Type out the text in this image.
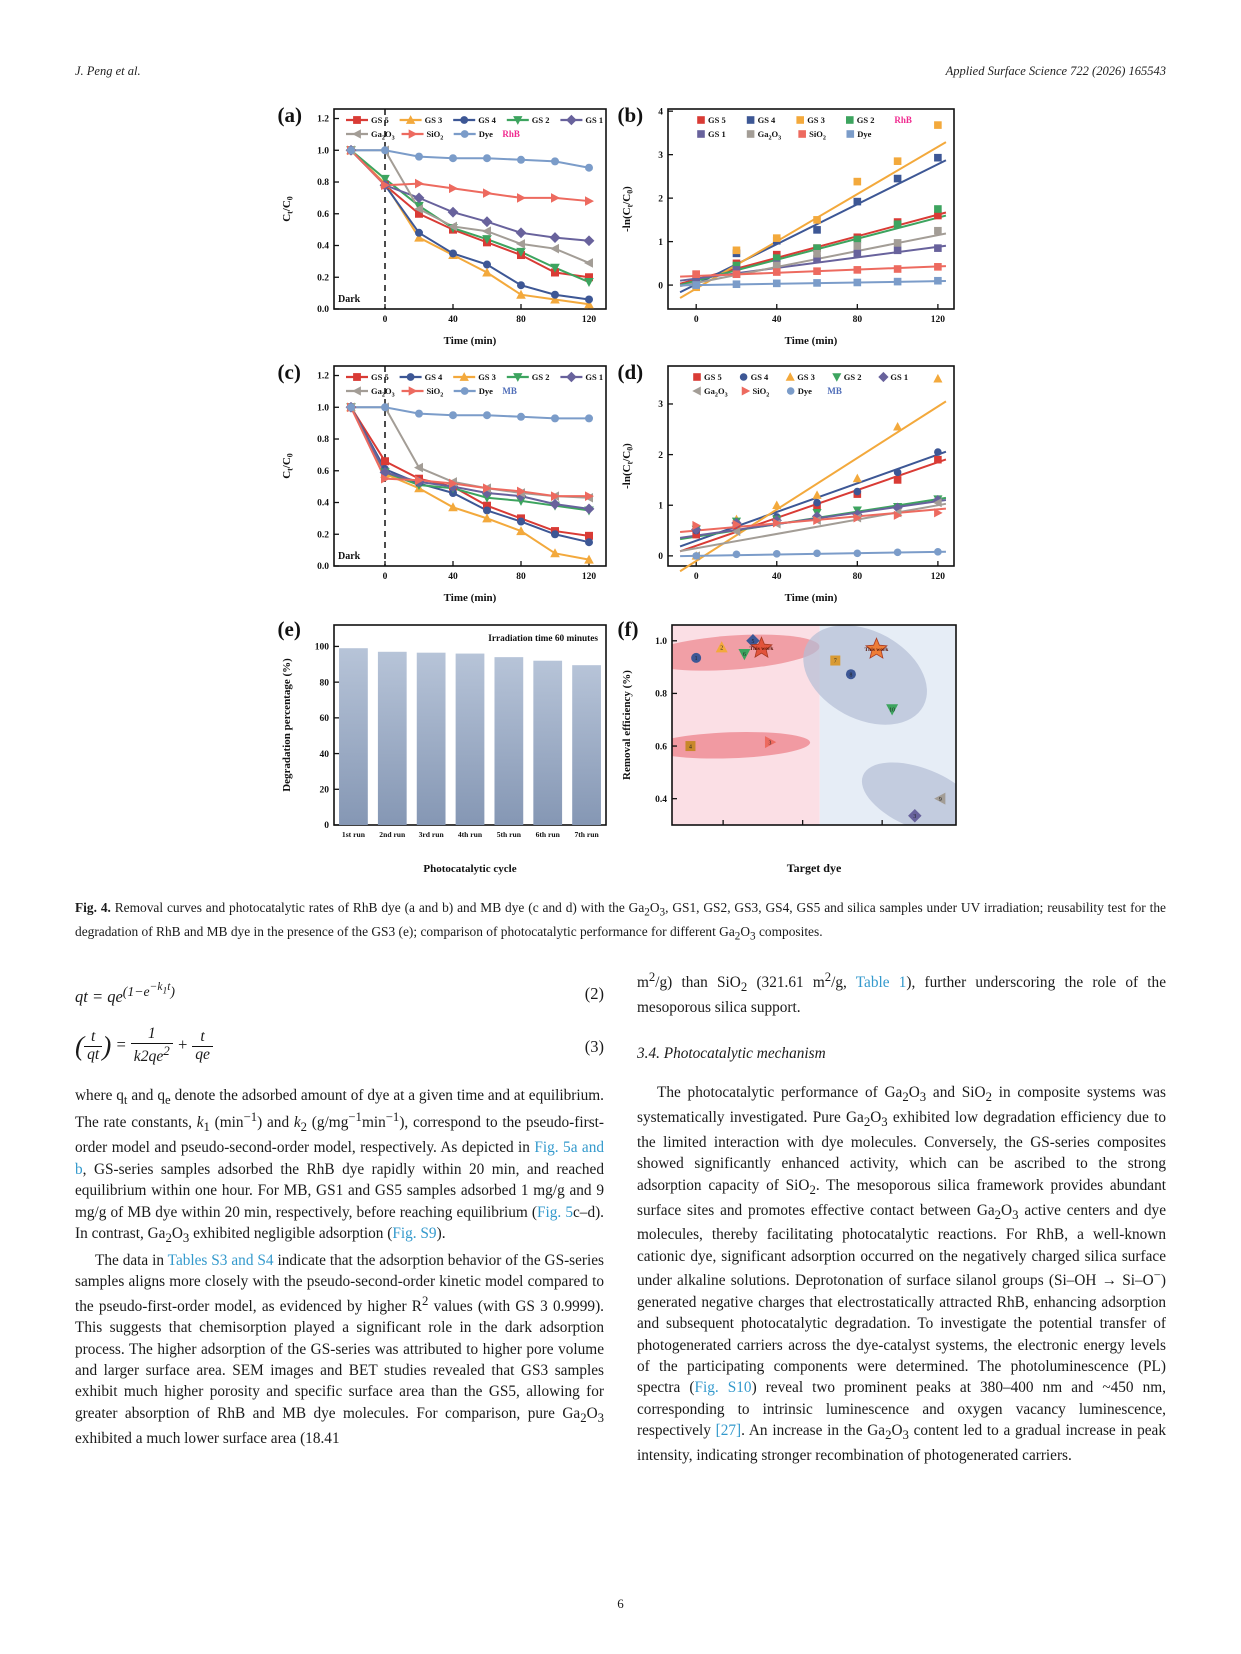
J. Peng et al.	Applied Surface Science 722 (2026) 165543
(a)
0.0
0.2
0.4
0.6
0.8
1.0
1.2
0	40	80	120
Dark
GS 5	GS 3	GS 4	GS 2	GS 1
$Ga_2O_3$	SiO$_2$	Dye RhB
Time (min)
$C_t/C_0$
(b)
0
1
2
3
4
0	40	80	120
GS 5	GS 4	GS 3	GS 2 RhB
GS 1	$Ga_2O_3$	SiO$_2$	Dye
Time (min)
$-\ln(C_t/C_0)$
(c)
0.0
0.2
0.4
0.6
0.8
1.0
1.2
0	40	80	120
Dark
GS 5	GS 4	GS 3	GS 2	GS 1
$Ga_2O_3$	SiO$_2$	Dye MB
Time (min)
$C_t/C_0$
(d)
0
1
2
3
0	40	80	120
GS 5	GS 4	GS 3	GS 2	GS 1
$Ga_2O_3$	SiO$_2$	Dye MB
Time (min)
$-\ln(C_t/C_0)$
(e)
0
20
40
60
80
100
1st run 2nd run 3rd run 4th run 5th run 6th run 7th run
Irradiation time 60 minutes
Photocatalytic cycle
Degradation percentage (%)
(f)
0.4
0.6
0.8
1.0
1
2
6
5
This work
4
3
7
8
This work
10
9
3
Target dye
Removal efficiency (%)
Fig. 4. Removal curves and photocatalytic rates of RhB dye (a and b) and MB dye (c and d) with the $Ga_2O_3$, GS1, GS2, GS3, GS4, GS5 and silica samples under UV irradiation; reusability test for the degradation of RhB and MB dye in the presence of the GS3 (e); comparison of photocatalytic performance for different $Ga_2O_3$ composites.
qt = $qe^{(1-e^{-k_1t})}$	(2)
( $\frac{t}{qt}$ ) = $\frac{1}{k2qe^2} + \frac{t}{qe}$	(3)

where $q_t$ and $q_e$ denote the adsorbed amount of dye at a given time and at equilibrium. The rate constants, $k_1$ $(\min^{-1})$ and $k_2$ $(g/mg^{-1}\min^{-1})$, correspond to the pseudo-first-order model and pseudo-second-order model, respectively. As depicted in Fig. 5a and b, GS-series samples adsorbed the RhB dye rapidly within 20 min, and reached equilibrium within one hour. For MB, GS1 and GS5 samples adsorbed 1 mg/g and 9 mg/g of MB dye within 20 min, respectively, before reaching equilibrium (Fig. 5c–d). In contrast, $Ga_2O_3$ exhibited negligible adsorption (Fig. S9).

The data in Tables S3 and S4 indicate that the adsorption behavior of the GS-series samples aligns more closely with the pseudo-second-order kinetic model compared to the pseudo-first-order model, as evidenced by higher $R^2$ values (with GS 3 0.9999). This suggests that chemisorption played a significant role in the dark adsorption process. The higher adsorption of the GS-series was attributed to higher pore volume and larger surface area. SEM images and BET studies revealed that GS3 samples exhibit much higher porosity and specific surface area than the GS5, allowing for greater absorption of RhB and MB dye molecules. For comparison, pure $Ga_2O_3$ exhibited a much lower surface area (18.41

$m^2/g$) than SiO$_2$ (321.61 $m^2/g$, Table 1), further underscoring the role of the mesoporous silica support.

3.4. Photocatalytic mechanism

The photocatalytic performance of $Ga_2O_3$ and SiO$_2$ in composite systems was systematically investigated. Pure $Ga_2O_3$ exhibited low degradation efficiency due to the limited interaction with dye molecules. Conversely, the GS-series composites showed significantly enhanced activity, which can be ascribed to the strong adsorption capacity of SiO$_2$. The mesoporous silica framework provides abundant surface sites and promotes effective contact between $Ga_2O_3$ active centers and dye molecules, thereby facilitating photocatalytic reactions. For RhB, a well-known cationic dye, significant adsorption occurred on the negatively charged silica surface under alkaline solutions. Deprotonation of surface silanol groups (Si–OH → Si–O−) generated negative charges that electrostatically attracted RhB, enhancing adsorption and subsequent photocatalytic degradation. To investigate the potential transfer of photogenerated carriers across the dye-catalyst systems, the electronic energy levels of the participating components were determined. The photoluminescence (PL) spectra (Fig. S10) reveal two prominent peaks at 380–400 nm and ~450 nm, corresponding to intrinsic luminescence and oxygen vacancy luminescence, respectively [27]. An increase in the $Ga_2O_3$ content led to a gradual increase in peak intensity, indicating stronger recombination of photogenerated carriers.

6
